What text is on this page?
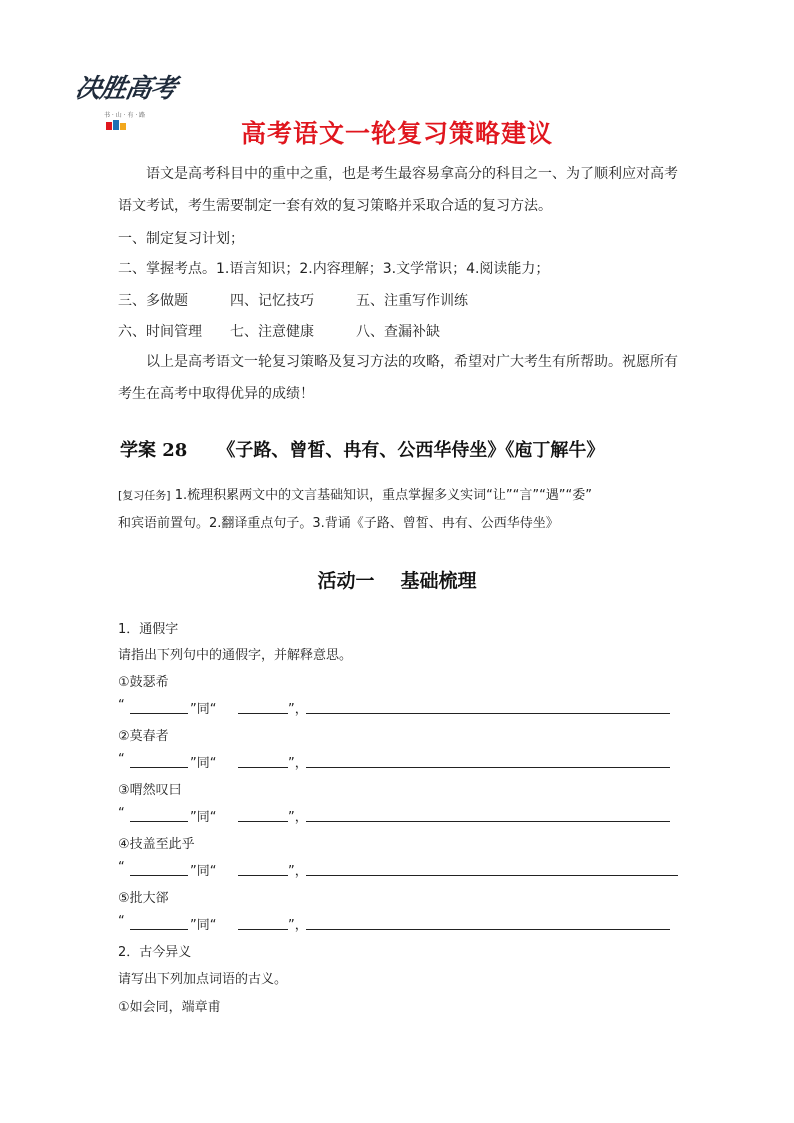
决胜高考
书 · 山 · 有 · 路
高考语文一轮复习策略建议
语文是高考科目中的重中之重，也是考生最容易拿高分的科目之一、为了顺利应对高考
语文考试，考生需要制定一套有效的复习策略并采取合适的复习方法。
一、制定复习计划；
二、掌握考点。1.语言知识；2.内容理解；3.文学常识；4.阅读能力；
三、多做题	四、记忆技巧	五、注重写作训练
六、时间管理 七、注意健康	八、查漏补缺
以上是高考语文一轮复习策略及复习方法的攻略，希望对广大考生有所帮助。祝愿所有
考生在高考中取得优异的成绩！
学案 28 《子路、曾皙、冉有、公西华侍坐》《庖丁解牛》
[复习任务] 1.梳理积累两文中的文言基础知识，重点掌握多义实词“让”“言”“遇”“委”
和宾语前置句。2.翻译重点句子。3.背诵《子路、曾皙、冉有、公西华侍坐》
活动一 基础梳理
1．通假字
请指出下列句中的通假字，并解释意思。
①鼓瑟希
“	”同“	”，
②莫春者
“	”同“	”，
③喟然叹曰
“	”同“	”，
④技盖至此乎
“	”同“	”，
⑤批大郤
“	”同“	”，
2．古今异义
请写出下列加点词语的古义。
①如会同，端章甫
